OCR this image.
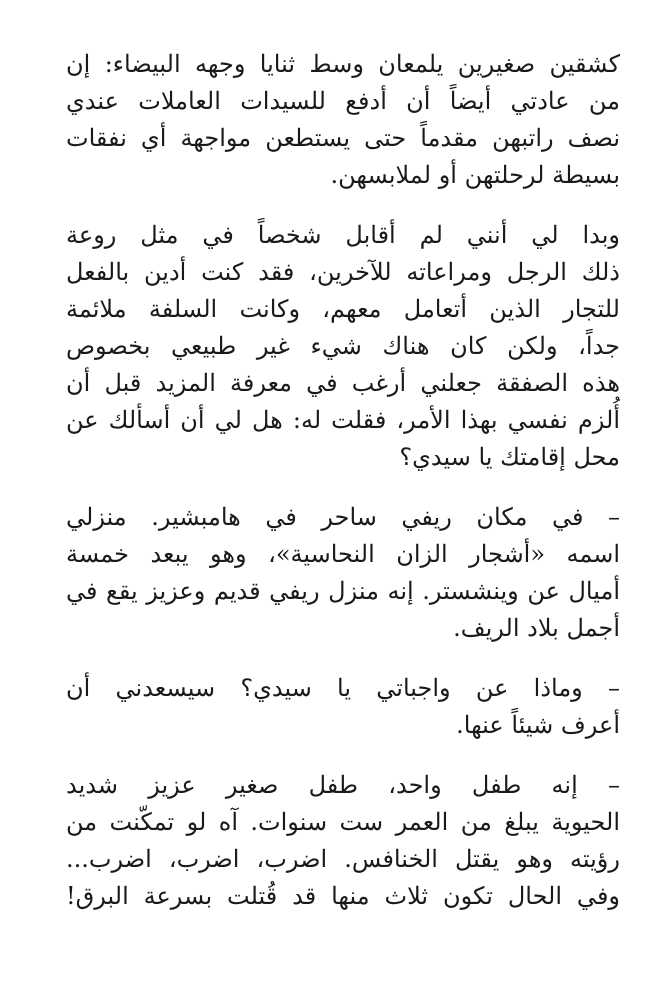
كشقين صغيرين يلمعان وسط ثنايا وجهه البيضاء: إن
من عادتي أيضاً أن أدفع للسيدات العاملات عندي
نصف راتبهن مقدماً حتى يستطعن مواجهة أي نفقات
بسيطة لرحلتهن أو لملابسهن.
وبدا لي أنني لم أقابل شخصاً في مثل روعة
ذلك الرجل ومراعاته للآخرين، فقد كنت أدين بالفعل
للتجار الذين أتعامل معهم، وكانت السلفة ملائمة
جداً، ولكن كان هناك شيء غير طبيعي بخصوص
هذه الصفقة جعلني أرغب في معرفة المزيد قبل أن
أُلزم نفسي بهذا الأمر، فقلت له: هل لي أن أسألك عن
محل إقامتك يا سيدي؟
– في مكان ريفي ساحر في هامبشير. منزلي
اسمه «أشجار الزان النحاسية»، وهو يبعد خمسة
أميال عن وينشستر. إنه منزل ريفي قديم وعزيز يقع في
أجمل بلاد الريف.
– وماذا عن واجباتي يا سيدي؟ سيسعدني أن
أعرف شيئاً عنها.
– إنه طفل واحد، طفل صغير عزيز شديد
الحيوية يبلغ من العمر ست سنوات. آه لو تمكّنت من
رؤيته وهو يقتل الخنافس. اضرب، اضرب، اضرب...
وفي الحال تكون ثلاث منها قد قُتلت بسرعة البرق!
